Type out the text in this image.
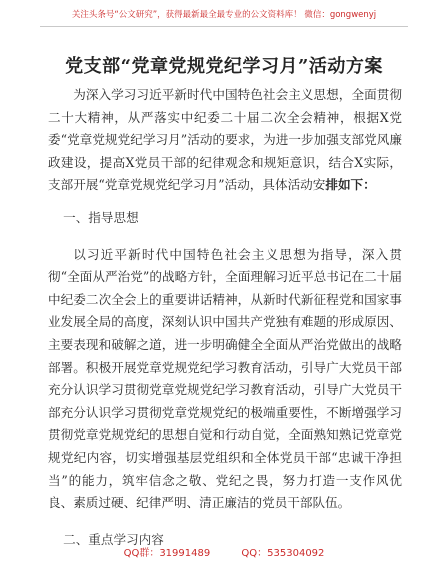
关注头条号“公文研究”，获得最新最全最专业的公文资料库！ 微信：gongwenyj
党支部“党章党规党纪学习月”活动方案

为深入学习习近平新时代中国特色社会主义思想，全面贯彻二十大精神，从严落实中纪委二十届二次全会精神，根据X党委“党章党规党纪学习月”活动的要求，为进一步加强支部党风廉政建设，提高X党员干部的纪律观念和规矩意识，结合X实际，支部开展“党章党规党纪学习月”活动，具体活动安排如下：

一、指导思想

以习近平新时代中国特色社会主义思想为指导，深入贯彻“全面从严治党”的战略方针，全面理解习近平总书记在二十届中纪委二次全会上的重要讲话精神，从新时代新征程党和国家事业发展全局的高度，深刻认识中国共产党独有难题的形成原因、主要表现和破解之道，进一步明确健全全面从严治党做出的战略部署。积极开展党章党规党纪学习教育活动，引导广大党员干部充分认识学习贯彻党章党规党纪学习教育活动，引导广大党员干部充分认识学习贯彻党章党规党纪的极端重要性，不断增强学习贯彻党章党规党纪的思想自觉和行动自觉，全面熟知熟记党章党规党纪内容，切实增强基层党组织和全体党员干部“忠诚干净担当”的能力，筑牢信念之敬、党纪之畏，努力打造一支作风优良、素质过硬、纪律严明、清正廉洁的党员干部队伍。

二、重点学习内容
QQ群：31991489	QQ：535304092
